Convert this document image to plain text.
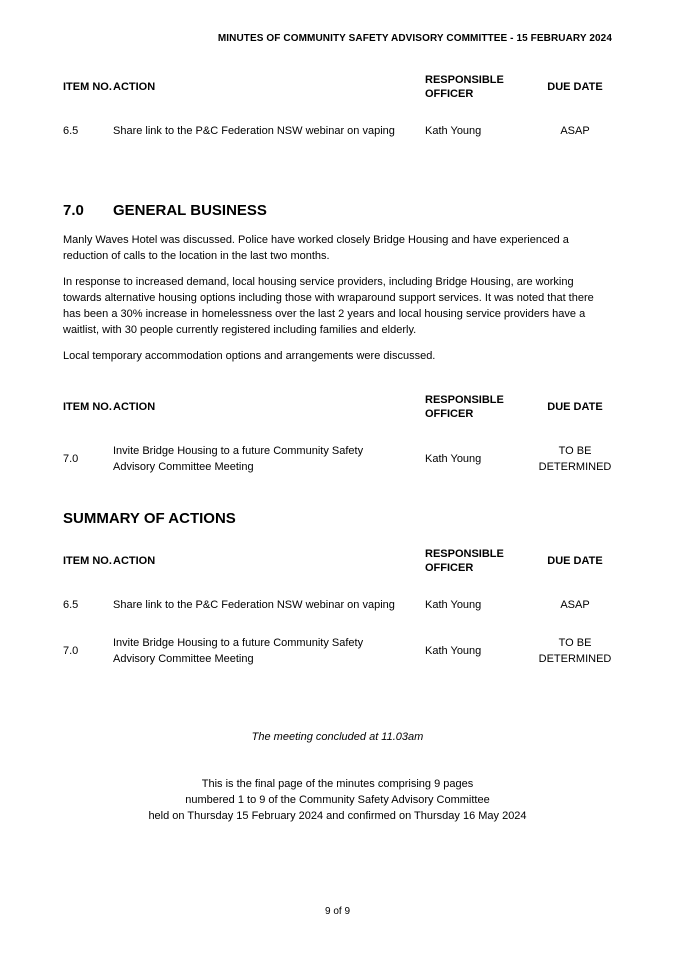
MINUTES OF COMMUNITY SAFETY ADVISORY COMMITTEE - 15 FEBRUARY 2024
ITEM NO.	ACTION	RESPONSIBLE OFFICER	DUE DATE
6.5	Share link to the P&C Federation NSW webinar on vaping	Kath Young	ASAP
7.0 GENERAL BUSINESS

Manly Waves Hotel was discussed. Police have worked closely Bridge Housing and have experienced a reduction of calls to the location in the last two months.

In response to increased demand, local housing service providers, including Bridge Housing, are working towards alternative housing options including those with wraparound support services. It was noted that there has been a 30% increase in homelessness over the last 2 years and local housing service providers have a waitlist, with 30 people currently registered including families and elderly.

Local temporary accommodation options and arrangements were discussed.

ITEM NO.	ACTION	RESPONSIBLE OFFICER	DUE DATE
7.0	Invite Bridge Housing to a future Community Safety Advisory Committee Meeting	Kath Young	TO BE DETERMINED
SUMMARY OF ACTIONS
ITEM NO.	ACTION	RESPONSIBLE OFFICER	DUE DATE
6.5	Share link to the P&C Federation NSW webinar on vaping	Kath Young	ASAP
7.0	Invite Bridge Housing to a future Community Safety Advisory Committee Meeting	Kath Young	TO BE DETERMINED
The meeting concluded at 11.03am
This is the final page of the minutes comprising 9 pages
numbered 1 to 9 of the Community Safety Advisory Committee
held on Thursday 15 February 2024 and confirmed on Thursday 16 May 2024
9 of 9
